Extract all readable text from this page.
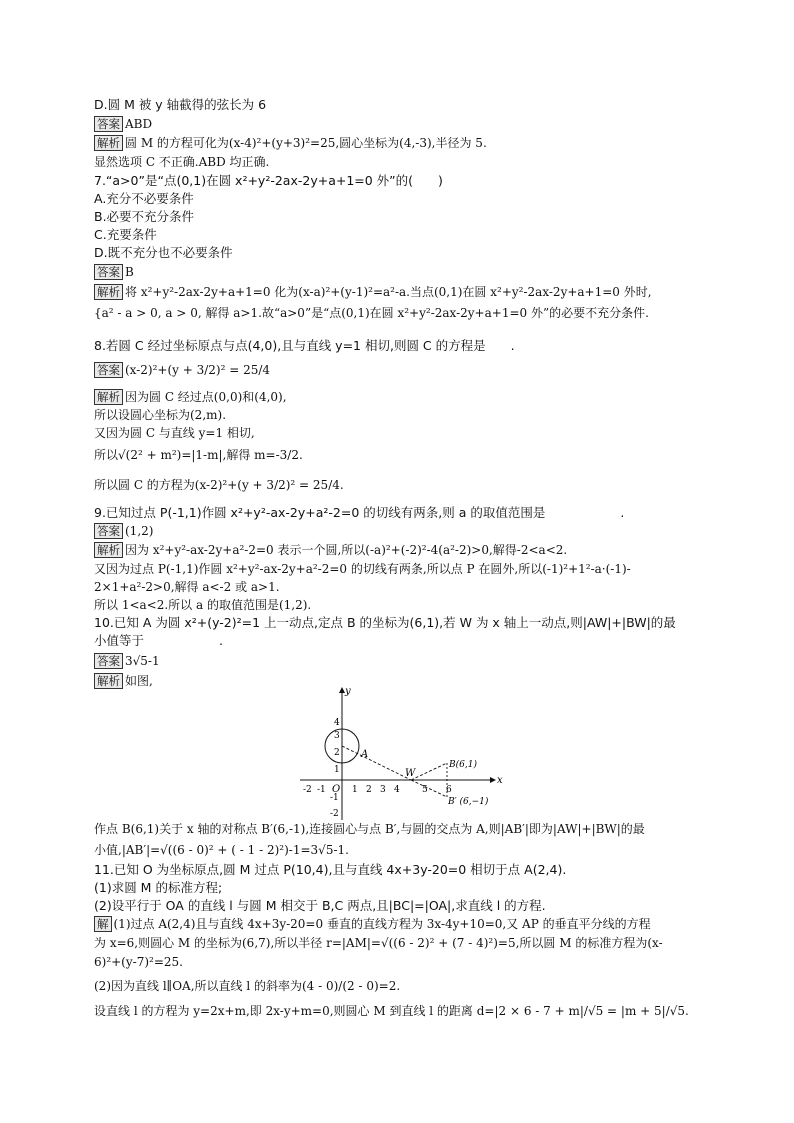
D.圆 M 被 y 轴截得的弦长为 6
答案 ABD
解析 圆 M 的方程可化为(x-4)²+(y+3)²=25,圆心坐标为(4,-3),半径为 5.
显然选项 C 不正确.ABD 均正确.
7.“a>0”是“点(0,1)在圆 x²+y²-2ax-2y+a+1=0 外”的(　　)
A.充分不必要条件
B.必要不充分条件
C.充要条件
D.既不充分也不必要条件
答案 B
解析 将 x²+y²-2ax-2y+a+1=0 化为(x-a)²+(y-1)²=a²-a.当点(0,1)在圆 x²+y²-2ax-2y+a+1=0 外时,
{a² - a > 0, a > 0, 解得 a>1.故“a>0”是“点(0,1)在圆 x²+y²-2ax-2y+a+1=0 外”的必要不充分条件.
8.若圆 C 经过坐标原点与点(4,0),且与直线 y=1 相切,则圆 C 的方程是　　.
答案 (x-2)²+(y + 3/2)² = 25/4
解析 因为圆 C 经过点(0,0)和(4,0),
所以设圆心坐标为(2,m).
又因为圆 C 与直线 y=1 相切,
所以√(2² + m²)=|1-m|,解得 m=-3/2.
所以圆 C 的方程为(x-2)²+(y + 3/2)² = 25/4.
9.已知过点 P(-1,1)作圆 x²+y²-ax-2y+a²-2=0 的切线有两条,则 a 的取值范围是　　　　　　.
答案 (1,2)
解析 因为 x²+y²-ax-2y+a²-2=0 表示一个圆,所以(-a)²+(-2)²-4(a²-2)>0,解得-2<a<2.
又因为过点 P(-1,1)作圆 x²+y²-ax-2y+a²-2=0 的切线有两条,所以点 P 在圆外,所以(-1)²+1²-a·(-1)-
2×1+a²-2>0,解得 a<-2 或 a>1.
所以 1<a<2.所以 a 的取值范围是(1,2).
10.已知 A 为圆 x²+(y-2)²=1 上一动点,定点 B 的坐标为(6,1),若 W 为 x 轴上一动点,则|AW|+|BW|的最
小值等于　　　　　　.
答案 3√5-1
解析 如图,
x
y
O
-2 -1	1 2 3 4 5 6
4
3
2
1
-1
-2
A
W
B(6,1)
B′ (6,−1)
作点 B(6,1)关于 x 轴的对称点 B′(6,-1),连接圆心与点 B′,与圆的交点为 A,则|AB′|即为|AW|+|BW|的最
小值,|AB′|=√((6 - 0)² + ( - 1 - 2)²)-1=3√5-1.
11.已知 O 为坐标原点,圆 M 过点 P(10,4),且与直线 4x+3y-20=0 相切于点 A(2,4).
(1)求圆 M 的标准方程;
(2)设平行于 OA 的直线 l 与圆 M 相交于 B,C 两点,且|BC|=|OA|,求直线 l 的方程.
解 (1)过点 A(2,4)且与直线 4x+3y-20=0 垂直的直线方程为 3x-4y+10=0,又 AP 的垂直平分线的方程
为 x=6,则圆心 M 的坐标为(6,7),所以半径 r=|AM|=√((6 - 2)² + (7 - 4)²)=5,所以圆 M 的标准方程为(x-
6)²+(y-7)²=25.
(2)因为直线 l∥OA,所以直线 l 的斜率为(4 - 0)/(2 - 0)=2.
设直线 l 的方程为 y=2x+m,即 2x-y+m=0,则圆心 M 到直线 l 的距离 d=|2 × 6 - 7 + m|/√5 = |m + 5|/√5.
